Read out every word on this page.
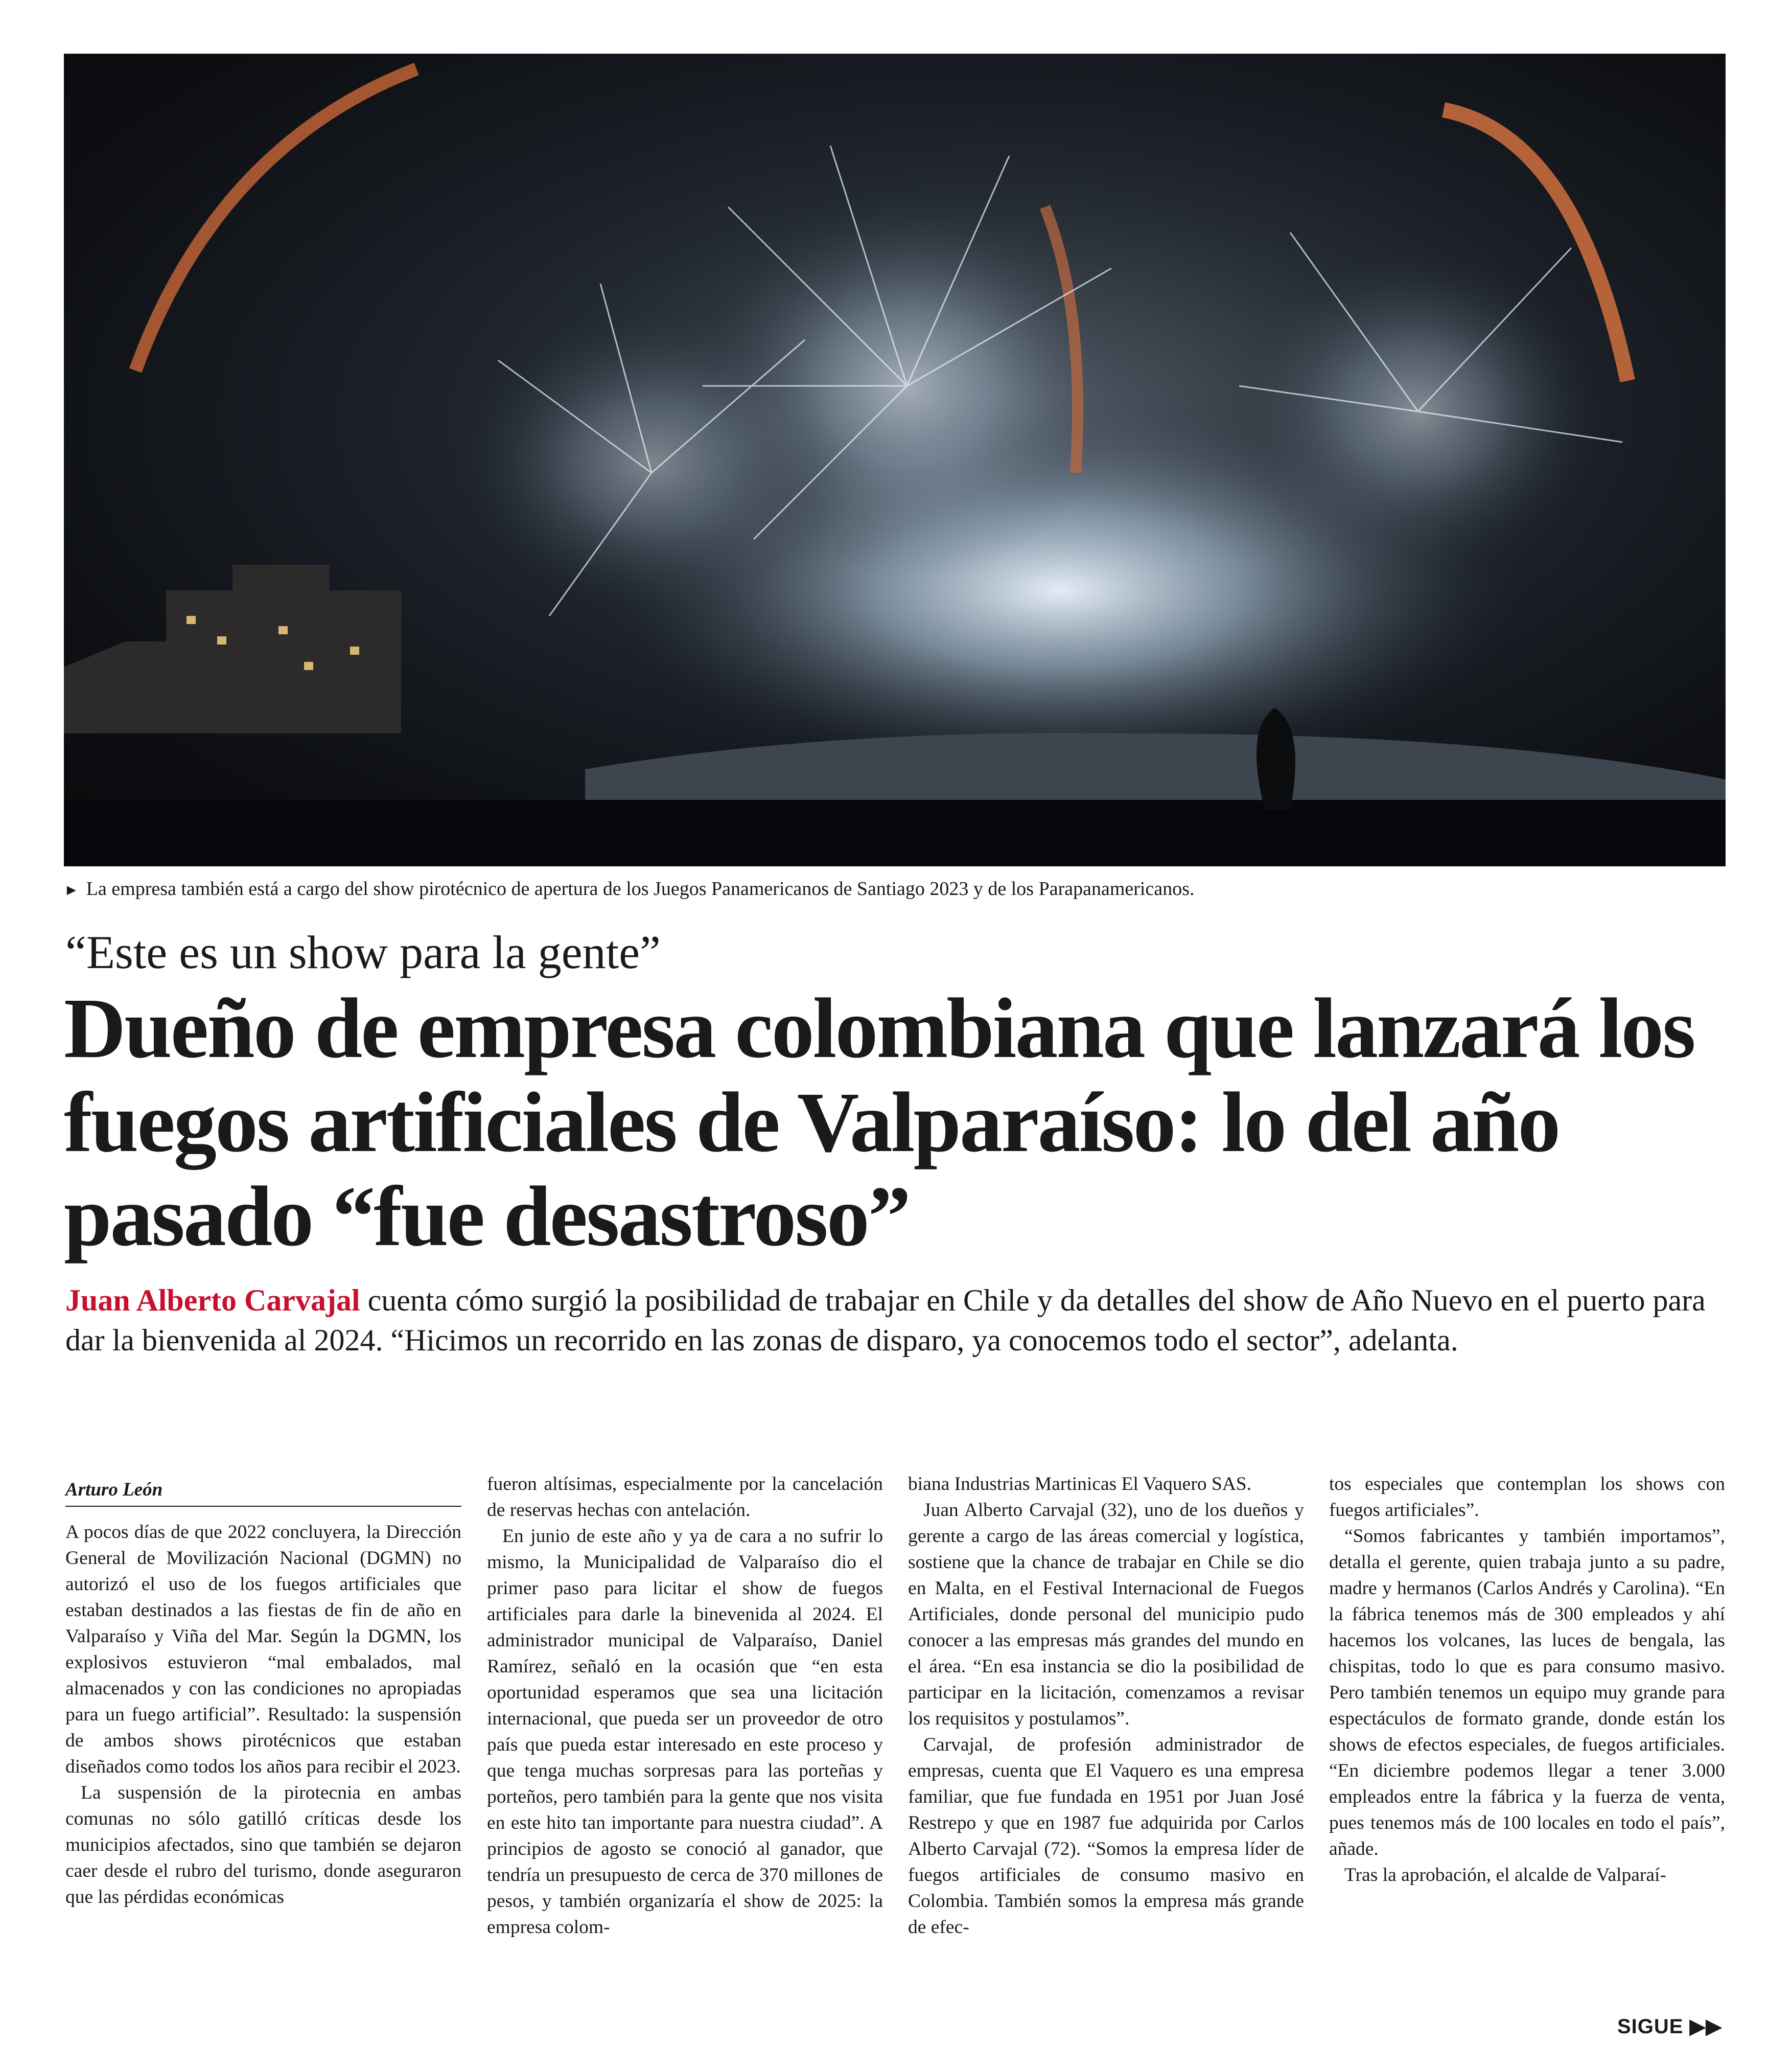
► La empresa también está a cargo del show pirotécnico de apertura de los Juegos Panamericanos de Santiago 2023 y de los Parapanamericanos.
“Este es un show para la gente”
Dueño de empresa colombiana que lanzará los fuegos artificiales de Valparaíso: lo del año pasado “fue desastroso”
Juan Alberto Carvajal cuenta cómo surgió la posibilidad de trabajar en Chile y da detalles del show de Año Nuevo en el puerto para dar la bienvenida al 2024. “Hicimos un recorrido en las zonas de disparo, ya conocemos todo el sector”, adelanta.
Arturo León

A pocos días de que 2022 concluyera, la Dirección General de Movilización Nacional (DGMN) no autorizó el uso de los fuegos artificiales que estaban destinados a las fiestas de fin de año en Valparaíso y Viña del Mar. Según la DGMN, los explosivos estuvieron “mal embalados, mal almacenados y con las condiciones no apropiadas para un fuego artificial”. Resultado: la suspensión de ambos shows pirotécnicos que estaban diseñados como todos los años para recibir el 2023.

La suspensión de la pirotecnia en ambas comunas no sólo gatilló críticas desde los municipios afectados, sino que también se dejaron caer desde el rubro del turismo, donde aseguraron que las pérdidas económicas

fueron altísimas, especialmente por la cancelación de reservas hechas con antelación.

En junio de este año y ya de cara a no sufrir lo mismo, la Municipalidad de Valparaíso dio el primer paso para licitar el show de fuegos artificiales para darle la binevenida al 2024. El administrador municipal de Valparaíso, Daniel Ramírez, señaló en la ocasión que “en esta oportunidad esperamos que sea una licitación internacional, que pueda ser un proveedor de otro país que pueda estar interesado en este proceso y que tenga muchas sorpresas para las porteñas y porteños, pero también para la gente que nos visita en este hito tan importante para nuestra ciudad”. A principios de agosto se conoció al ganador, que tendría un presupuesto de cerca de 370 millones de pesos, y también organizaría el show de 2025: la empresa colom-

biana Industrias Martinicas El Vaquero SAS.

Juan Alberto Carvajal (32), uno de los dueños y gerente a cargo de las áreas comercial y logística, sostiene que la chance de trabajar en Chile se dio en Malta, en el Festival Internacional de Fuegos Artificiales, donde personal del municipio pudo conocer a las empresas más grandes del mundo en el área. “En esa instancia se dio la posibilidad de participar en la licitación, comenzamos a revisar los requisitos y postulamos”.

Carvajal, de profesión administrador de empresas, cuenta que El Vaquero es una empresa familiar, que fue fundada en 1951 por Juan José Restrepo y que en 1987 fue adquirida por Carlos Alberto Carvajal (72). “Somos la empresa líder de fuegos artificiales de consumo masivo en Colombia. También somos la empresa más grande de efec-

tos especiales que contemplan los shows con fuegos artificiales”.

“Somos fabricantes y también importamos”, detalla el gerente, quien trabaja junto a su padre, madre y hermanos (Carlos Andrés y Carolina). “En la fábrica tenemos más de 300 empleados y ahí hacemos los volcanes, las luces de bengala, las chispitas, todo lo que es para consumo masivo. Pero también tenemos un equipo muy grande para espectáculos de formato grande, donde están los shows de efectos especiales, de fuegos artificiales. “En diciembre podemos llegar a tener 3.000 empleados entre la fábrica y la fuerza de venta, pues tenemos más de 100 locales en todo el país”, añade.

Tras la aprobación, el alcalde de Valparaí-

SIGUE ▶▶
